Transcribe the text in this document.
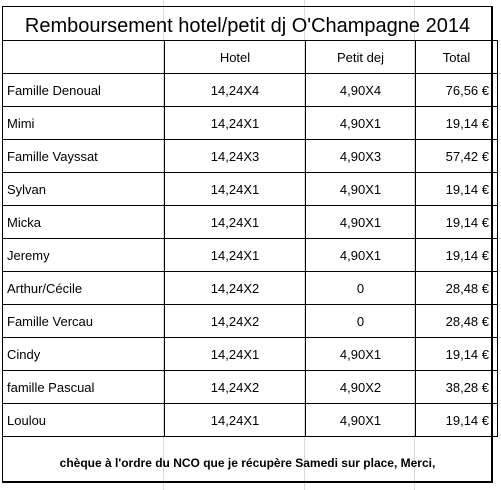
Remboursement hotel/petit dj O'Champagne 2014
	Hotel	Petit dej	Total
Famille Denoual	14,24X4	4,90X4	76,56 €
Mimi	14,24X1	4,90X1	19,14 €
Famille Vayssat	14,24X3	4,90X3	57,42 €
Sylvan	14,24X1	4,90X1	19,14 €
Micka	14,24X1	4,90X1	19,14 €
Jeremy	14,24X1	4,90X1	19,14 €
Arthur/Cécile	14,24X2	0	28,48 €
Famille Vercau	14,24X2	0	28,48 €
Cindy	14,24X1	4,90X1	19,14 €
famille Pascual	14,24X2	4,90X2	38,28 €
Loulou	14,24X1	4,90X1	19,14 €
chèque à l'ordre du NCO que je récupère Samedi sur place, Merci,
